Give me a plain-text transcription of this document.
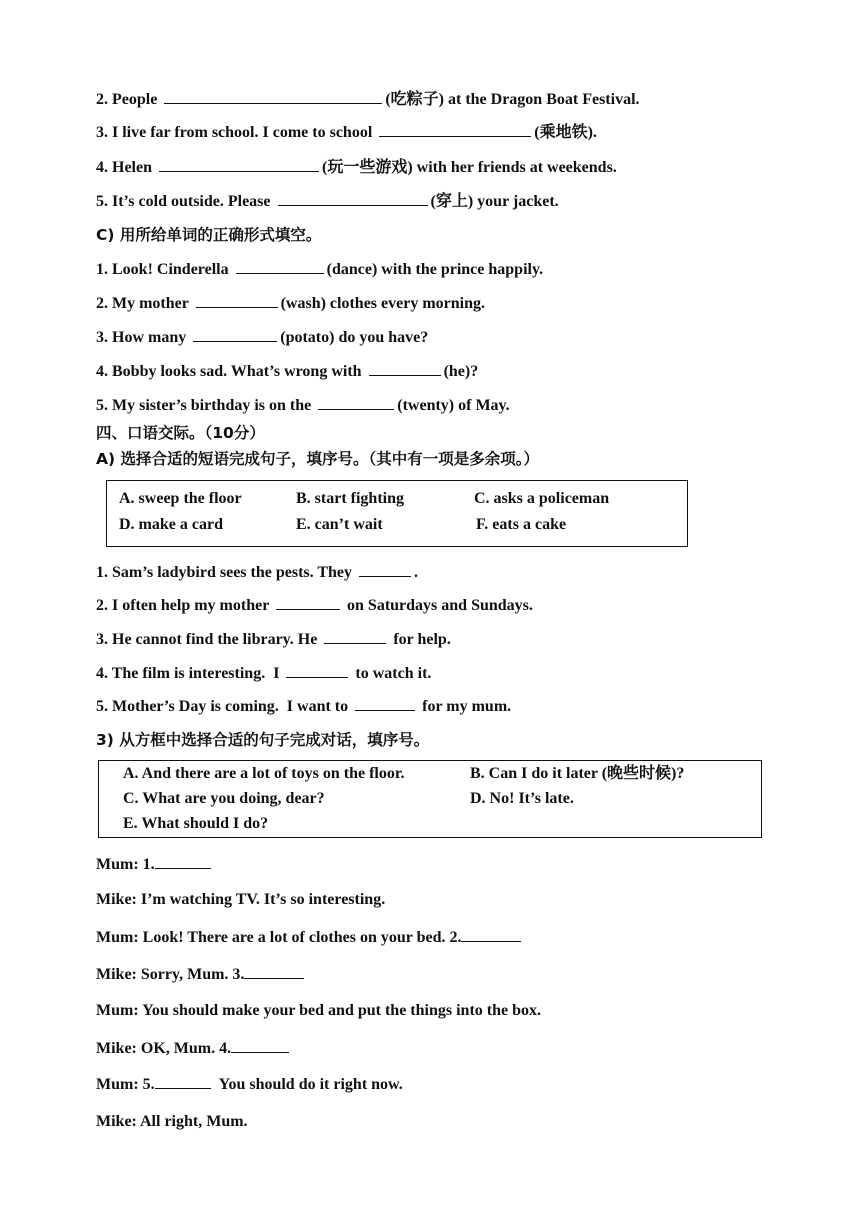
2. People	(吃粽子) at the Dragon Boat Festival.
3. I live far from school. I come to school	(乘地铁).
4. Helen	(玩一些游戏) with her friends at weekends.
5. It’s cold outside. Please	(穿上) your jacket.
C) 用所给单词的正确形式填空。
1. Look! Cinderella	(dance) with the prince happily.
2. My mother	(wash) clothes every morning.
3. How many	(potato) do you have?
4. Bobby looks sad. What’s wrong with	(he)?
5. My sister’s birthday is on the	(twenty) of May.
四、口语交际。（10分）
A) 选择合适的短语完成句子，填序号。（其中有一项是多余项。）
A. sweep the floor	B. start fighting	C. asks a policeman
D. make a card	E. can’t wait	F. eats a cake
1. Sam’s ladybird sees the pests. They	.
2. I often help my mother	on Saturdays and Sundays.
3. He cannot find the library. He	for help.
4. The film is interesting.  I	to watch it.
5. Mother’s Day is coming.  I want to	for my mum.
3) 从方框中选择合适的句子完成对话，填序号。
A. And there are a lot of toys on the floor.	B. Can I do it later (晚些时候)?
C. What are you doing, dear?	D. No! It’s late.
E. What should I do?
Mum: 1.
Mike: I’m watching TV. It’s so interesting.
Mum: Look! There are a lot of clothes on your bed. 2.
Mike: Sorry, Mum. 3.
Mum: You should make your bed and put the things into the box.
Mike: OK, Mum. 4.
Mum: 5.	You should do it right now.
Mike: All right, Mum.
